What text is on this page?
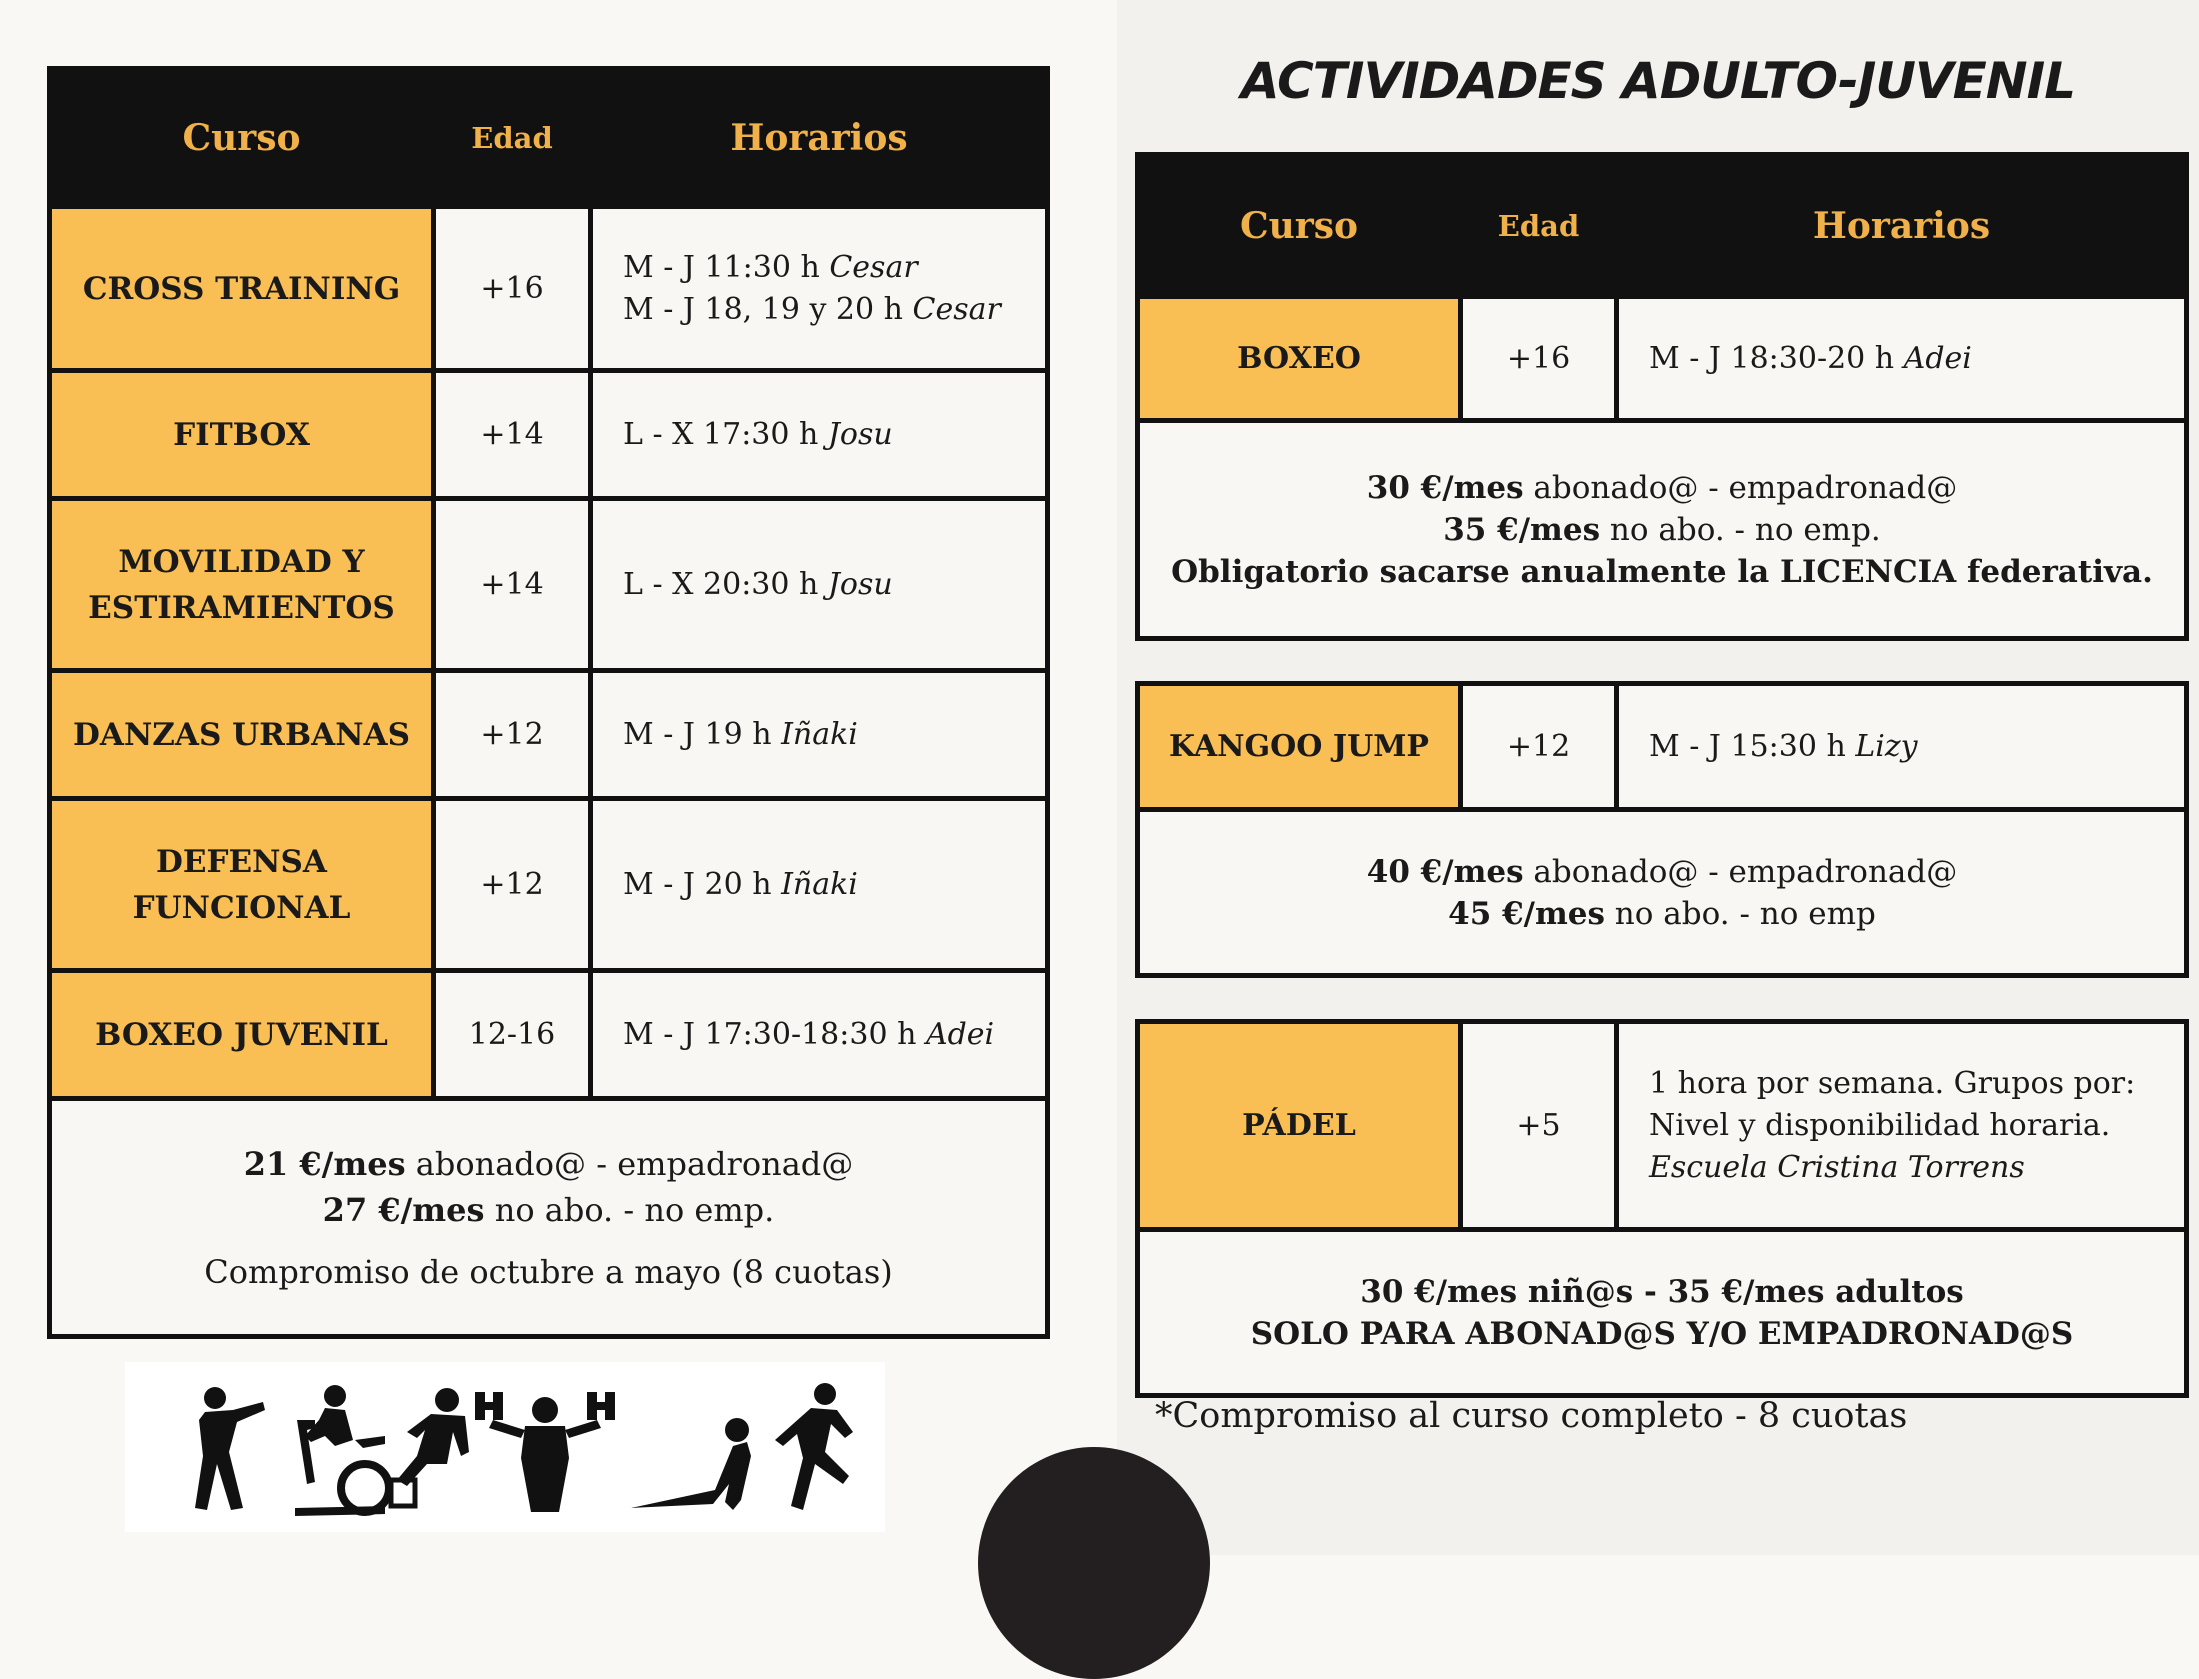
Curso	Edad	Horarios
CROSS TRAINING	+16	M - J 11:30 h Cesar
M - J 18, 19 y 20 h Cesar

FITBOX	+14	L - X 17:30 h Josu

MOVILIDAD Y
ESTIRAMIENTOS	+14	L - X 20:30 h Josu
DANZAS URBANAS	+12	M - J 19 h Iñaki

DEFENSA
FUNCIONAL	+12	M - J 20 h Iñaki
BOXEO JUVENIL	12-16	M - J 17:30-18:30 h Adei

21 €/mes abonado@ - empadronad@
27 €/mes no abo. - no emp.
Compromiso de octubre a mayo (8 cuotas)		
ACTIVIDADES ADULTO-JUVENIL
Curso	Edad	Horarios
BOXEO	+16	M - J 18:30-20 h Adei

30 €/mes abonado@ - empadronad@
35 €/mes no abo. - no emp.
Obligatorio sacarse anualmente la LICENCIA federativa.		
KANGOO JUMP	+12	M - J 15:30 h Lizy

40 €/mes abonado@ - empadronad@
45 €/mes no abo. - no emp
PÁDEL	+5	
1 hora por semana. Grupos por:
Nivel y disponibilidad horaria.
Escuela Cristina Torrens

30 €/mes niñ@s - 35 €/mes adultos
SOLO PARA ABONAD@S Y/O EMPADRONAD@S
*Compromiso al curso completo - 8 cuotas
